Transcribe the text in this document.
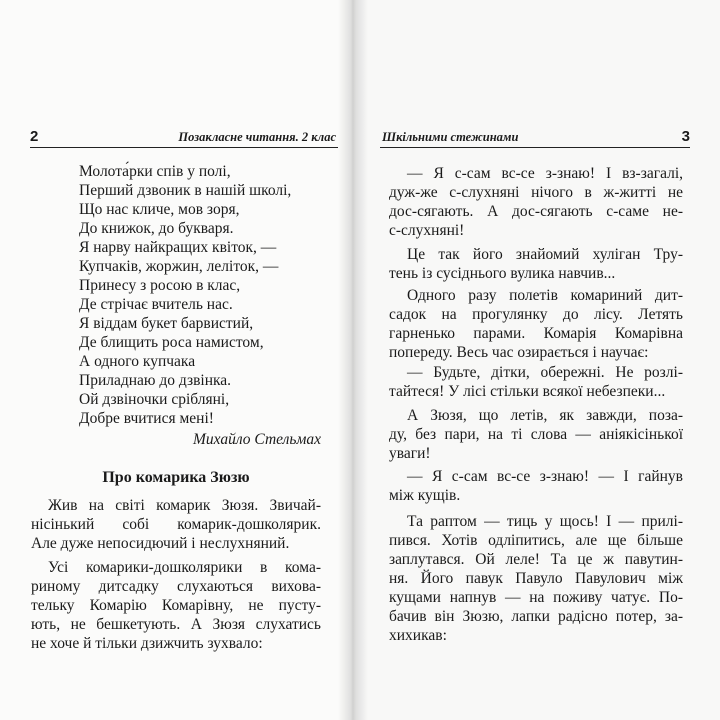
2	Позакласне читання. 2 клас
Молота́рки спів у полі,
Перший дзвоник в нашій школі,
Що нас кличе, мов зоря,
До книжок, до букваря.
Я нарву найкращих квіток, —
Купчаків, жоржин, лелiток, —
Принесу з росою в клас,
Де стрічає вчитель нас.
Я віддам букет барвистий,
Де блищить роса намистом,
А одного купчака
Приладнаю до дзвінка.
Ой дзвіночки сріблянi,
Добре вчитися мені!
Михайло Стельмах
Про комарика Зюзю
Жив на світі комарик Зюзя. Звичай-
нісінький собі комарик-дошколярик.
Але дуже непосидючий і неслухняний.
Усі комарики-дошколярики в кома-
риному дитсадку слухаються вихова-
тельку Комарію Комарівну, не пусту-
ють, не бешкетують. А Зюзя слухатись
не хоче й тільки дзижчить зухвало:
Шкільними стежинами	3
— Я с-сам вс-се з-знаю! І вз-загалі,
дуж-же с-слухняні нічого в ж-житті не
дос-сягають. А дос-сягають с-саме не-
с-слухняні!
Це так його знайомий хуліган Тру-
тень із сусіднього вулика навчив...
Одного разу полетів комариний дит-
садок на прогулянку до лісу. Летять
гарненько парами. Комарія Комарівна
попереду. Весь час озирається і научає:
— Будьте, дітки, обережні. Не розлі-
тайтеся! У лісі стільки всякої небезпеки...
А Зюзя, що летів, як завжди, поза-
ду, без пари, на ті слова — аніякісінької
уваги!
— Я с-сам вс-се з-знаю! — І гайнув
між кущів.
Та раптом — тиць у щось! І — прилі-
пився. Хотів одліпитись, але ще більше
заплутався. Ой леле! Та це ж павутин-
ня. Його павук Павуло Павулович між
кущами напнув — на поживу чатує. По-
бачив він Зюзю, лапки радісно потер, за-
хихикав:
